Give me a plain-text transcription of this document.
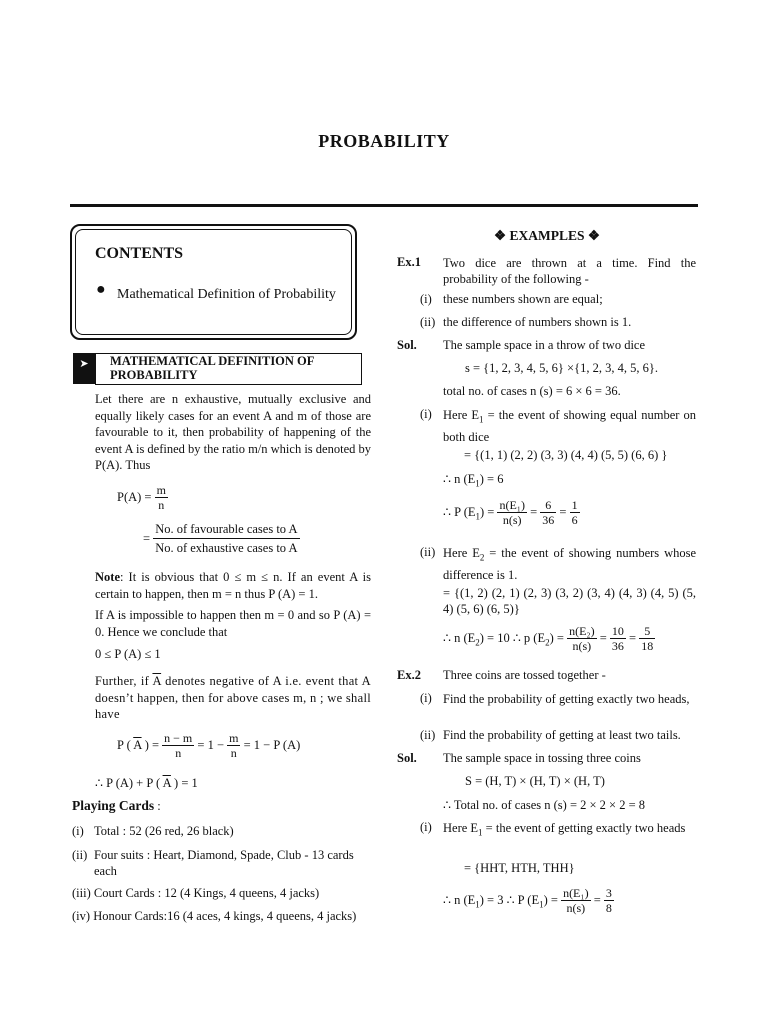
PROBABILITY
CONTENTS
● Mathematical Definition of Probability
➤	MATHEMATICAL DEFINITION OF PROBABILITY
Let there are n exhaustive, mutually exclusive and equally likely cases for an event A and m of those are favourable to it, then probability of happening of the event A is defined by the ratio m/n which is denoted by P(A). Thus
$P(A) = \frac{m}{n}$
= $\frac{\text{No. of favourable cases to A}}{\text{No. of exhaustive cases to A}}$
Note: It is obvious that 0 ≤ m ≤ n. If an event A is certain to happen, then m = n thus P (A) = 1.
If A is impossible to happen then m = 0 and so P (A) = 0. Hence we conclude that
0 ≤ P (A) ≤ 1
Further, if $\overline{A}$ denotes negative of A i.e. event that A doesn’t happen, then for above cases m, n ; we shall have
P ( $\overline{A}$ ) = $\frac{n - m}{n} = 1 - \frac{m}{n} = 1 - P$ (A)
∴ P (A) + P ( $\overline{A}$ ) = 1
Playing Cards :
(i) Total : 52 (26 red, 26 black)
(ii) Four suits : Heart, Diamond, Spade, Club - 13 cards each
(iii) Court Cards : 12 (4 Kings, 4 queens, 4 jacks)
(iv) Honour Cards:16 (4 aces, 4 kings, 4 queens, 4 jacks)
❖ EXAMPLES ❖
Ex.1 Two dice are thrown at a time. Find the probability of the following -
(i) these numbers shown are equal;
(ii) the difference of numbers shown is 1.
Sol. The sample space in a throw of two dice
s = {1, 2, 3, 4, 5, 6} ×{1, 2, 3, 4, 5, 6}.
total no. of cases n (s) = 6 × 6 = 36.
(i) Here $E_1$ = the event of showing equal number on both dice
= {(1, 1) (2, 2) (3, 3) (4, 4) (5, 5) (6, 6) }
∴ n $(E_1) = 6$
∴ P $(E_1) = \frac{\text{n(E₁)}}{n(s)} = \frac{6}{36} = \frac{1}{6}$
(ii) Here $E_2$ = the event of showing numbers whose difference is 1.
= {(1, 2) (2, 1) (2, 3) (3, 2) (3, 4) (4, 3) (4, 5) (5, 4) (5, 6) (6, 5)}
∴ n $(E_2) = 10$ ∴ p $(E_2) = \frac{\text{n(E₂)}}{n(s)} = \frac{10}{36} = \frac{5}{18}$
Ex.2 Three coins are tossed together -
(i) Find the probability of getting exactly two heads,
(ii) Find the probability of getting at least two tails.
Sol. The sample space in tossing three coins
S = (H, T) × (H, T) × (H, T)
∴ Total no. of cases n (s) = 2 × 2 × 2 = 8
(i) Here $E_1$ = the event of getting exactly two heads
= {HHT, HTH, THH}
∴ n $(E_1) = 3$ ∴ P $(E_1) = \frac{\text{n(E₁)}}{n(s)} = \frac{3}{8}$
